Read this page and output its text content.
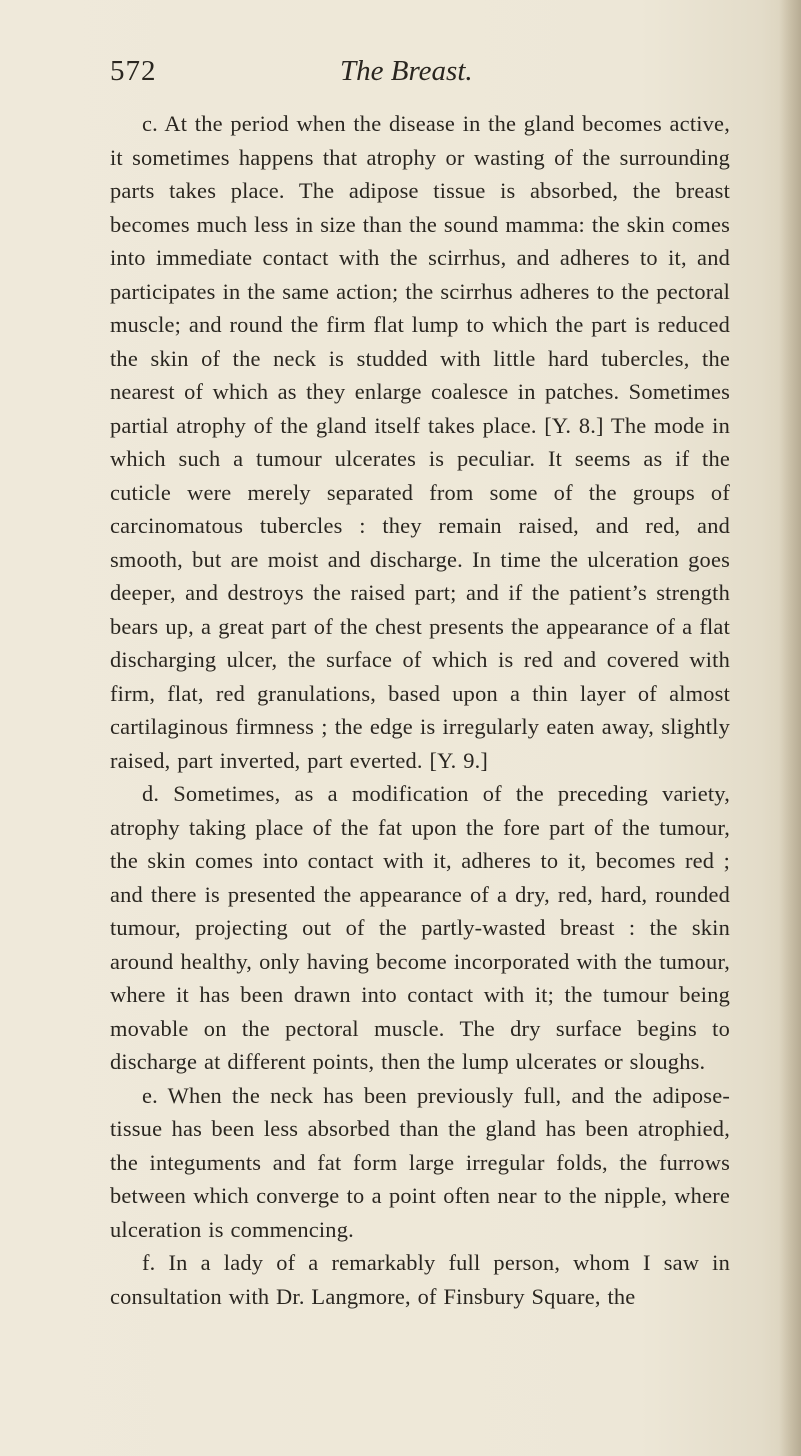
572	The Breast.

c. At the period when the disease in the gland becomes active, it sometimes happens that atrophy or wasting of the surrounding parts takes place. The adipose tissue is absorbed, the breast becomes much less in size than the sound mamma: the skin comes into immediate contact with the scirrhus, and adheres to it, and participates in the same action; the scirrhus adheres to the pectoral muscle; and round the firm flat lump to which the part is reduced the skin of the neck is studded with little hard tubercles, the nearest of which as they enlarge coalesce in patches. Sometimes partial atrophy of the gland itself takes place. [Y. 8.] The mode in which such a tumour ulcerates is peculiar. It seems as if the cuticle were merely separated from some of the groups of carcinomatous tubercles : they remain raised, and red, and smooth, but are moist and discharge. In time the ulceration goes deeper, and destroys the raised part; and if the patient’s strength bears up, a great part of the chest presents the appearance of a flat discharging ulcer, the surface of which is red and covered with firm, flat, red granulations, based upon a thin layer of almost cartilaginous firmness ; the edge is irregularly eaten away, slightly raised, part inverted, part everted. [Y. 9.]

d. Sometimes, as a modification of the preceding variety, atrophy taking place of the fat upon the fore part of the tumour, the skin comes into contact with it, adheres to it, becomes red ; and there is presented the appearance of a dry, red, hard, rounded tumour, projecting out of the partly-wasted breast : the skin around healthy, only having become incorporated with the tumour, where it has been drawn into contact with it; the tumour being movable on the pectoral muscle. The dry surface begins to discharge at different points, then the lump ulcerates or sloughs.

e. When the neck has been previously full, and the adipose-tissue has been less absorbed than the gland has been atrophied, the integuments and fat form large irregular folds, the furrows between which converge to a point often near to the nipple, where ulceration is commencing.

f. In a lady of a remarkably full person, whom I saw in consultation with Dr. Langmore, of Finsbury Square, the
